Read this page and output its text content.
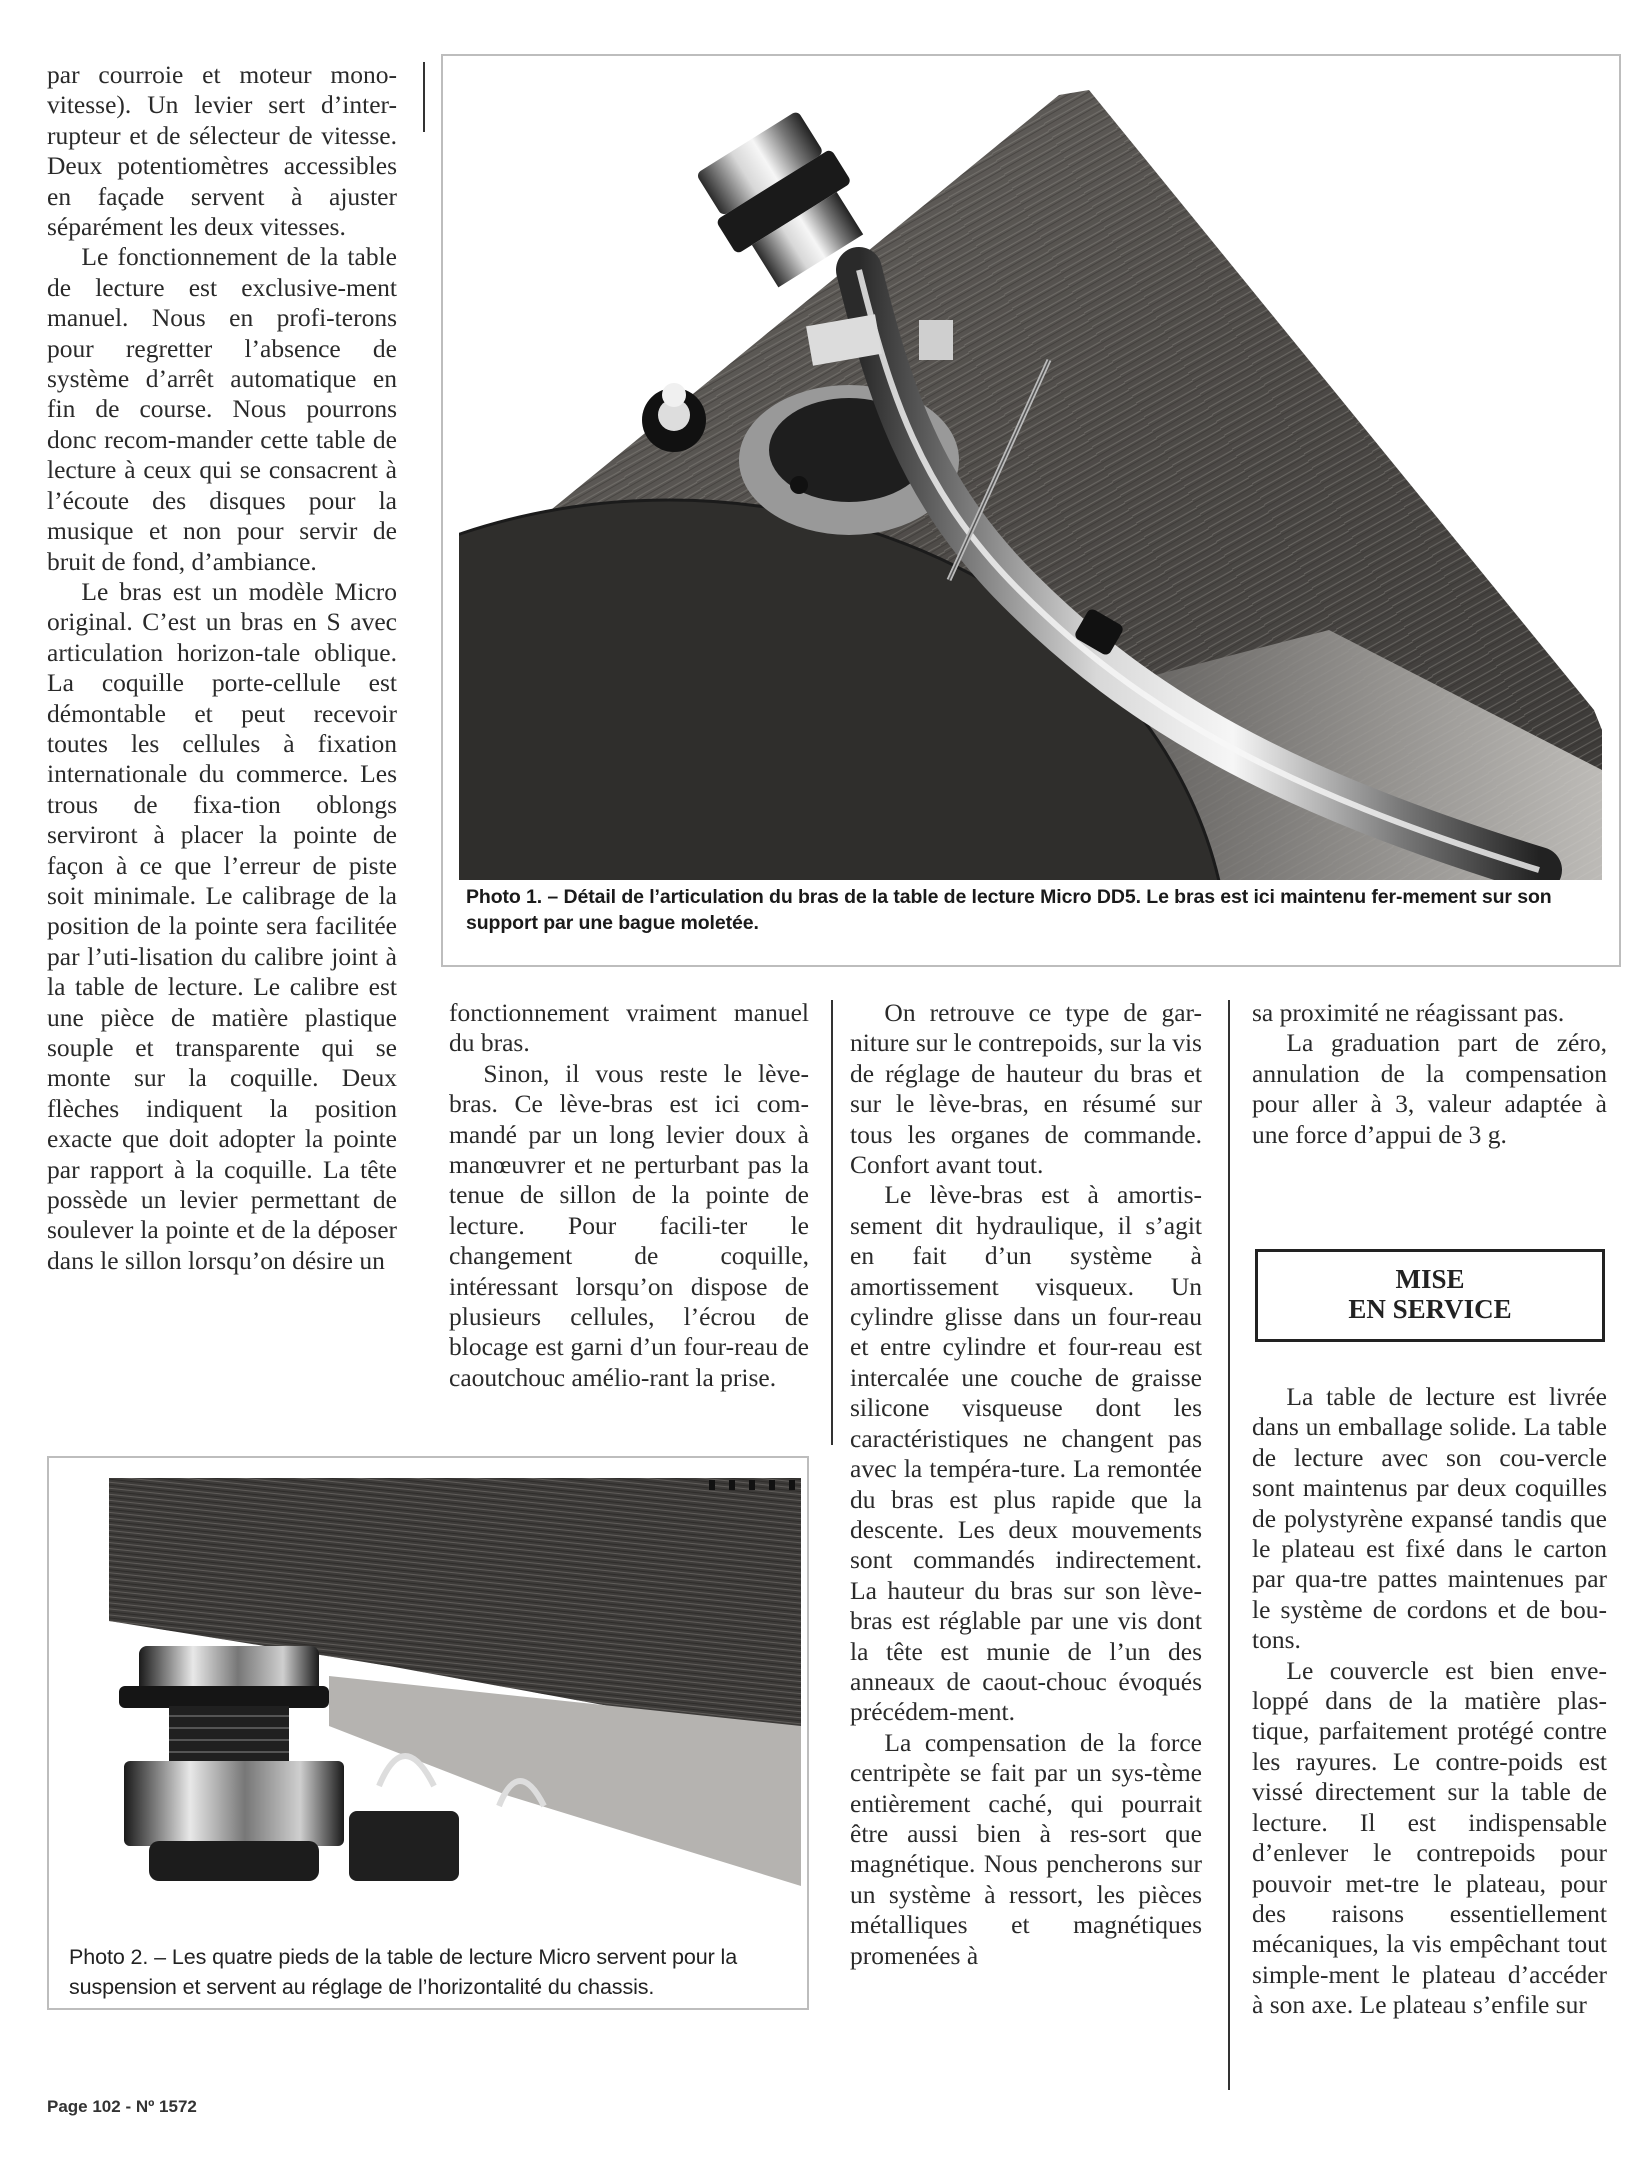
par courroie et moteur mono-vitesse). Un levier sert d’inter-rupteur et de sélecteur de vitesse. Deux potentiomètres accessibles en façade servent à ajuster séparément les deux vitesses.

Le fonctionnement de la table de lecture est exclusive-ment manuel. Nous en profi-terons pour regretter l’absence de système d’arrêt automatique en fin de course. Nous pourrons donc recom-mander cette table de lecture à ceux qui se consacrent à l’écoute des disques pour la musique et non pour servir de bruit de fond, d’ambiance.

Le bras est un modèle Micro original. C’est un bras en S avec articulation horizon-tale oblique. La coquille porte-cellule est démontable et peut recevoir toutes les cellules à fixation internationale du commerce. Les trous de fixa-tion oblongs serviront à placer la pointe de façon à ce que l’erreur de piste soit minimale. Le calibrage de la position de la pointe sera facilitée par l’uti-lisation du calibre joint à la table de lecture. Le calibre est une pièce de matière plastique souple et transparente qui se monte sur la coquille. Deux flèches indiquent la position exacte que doit adopter la pointe par rapport à la coquille. La tête possède un levier permettant de soulever la pointe et de la déposer dans le sillon lorsqu’on désire un

Photo 1. – Détail de l’articulation du bras de la table de lecture Micro DD5. Le bras est ici maintenu fer-mement sur son support par une bague moletée.

fonctionnement vraiment manuel du bras.

Sinon, il vous reste le lève-bras. Ce lève-bras est ici com-mandé par un long levier doux à manœuvrer et ne perturbant pas la tenue de sillon de la pointe de lecture. Pour facili-ter le changement de coquille, intéressant lorsqu’on dispose de plusieurs cellules, l’écrou de blocage est garni d’un four-reau de caoutchouc amélio-rant la prise.

On retrouve ce type de gar-niture sur le contrepoids, sur la vis de réglage de hauteur du bras et sur le lève-bras, en résumé sur tous les organes de commande. Confort avant tout.

Le lève-bras est à amortis-sement dit hydraulique, il s’agit en fait d’un système à amortissement visqueux. Un cylindre glisse dans un four-reau et entre cylindre et four-reau est intercalée une couche de graisse silicone visqueuse dont les caractéristiques ne changent pas avec la tempéra-ture. La remontée du bras est plus rapide que la descente. Les deux mouvements sont commandés indirectement. La hauteur du bras sur son lève-bras est réglable par une vis dont la tête est munie de l’un des anneaux de caout-chouc évoqués précédem-ment.

La compensation de la force centripète se fait par un sys-tème entièrement caché, qui pourrait être aussi bien à res-sort que magnétique. Nous pencherons sur un système à ressort, les pièces métalliques et magnétiques promenées à

sa proximité ne réagissant pas.

La graduation part de zéro, annulation de la compensation pour aller à 3, valeur adaptée à une force d’appui de 3 g.

MISE
EN SERVICE

La table de lecture est livrée dans un emballage solide. La table de lecture avec son cou-vercle sont maintenus par deux coquilles de polystyrène expansé tandis que le plateau est fixé dans le carton par qua-tre pattes maintenues par le système de cordons et de bou-tons.

Le couvercle est bien enve-loppé dans de la matière plas-tique, parfaitement protégé contre les rayures. Le contre-poids est vissé directement sur la table de lecture. Il est indispensable d’enlever le contrepoids pour pouvoir met-tre le plateau, pour des raisons essentiellement mécaniques, la vis empêchant tout simple-ment le plateau d’accéder à son axe. Le plateau s’enfile sur

Photo 2. – Les quatre pieds de la table de lecture Micro servent pour la suspension et servent au réglage de l’horizontalité du chassis.
Page 102 - Nº 1572
